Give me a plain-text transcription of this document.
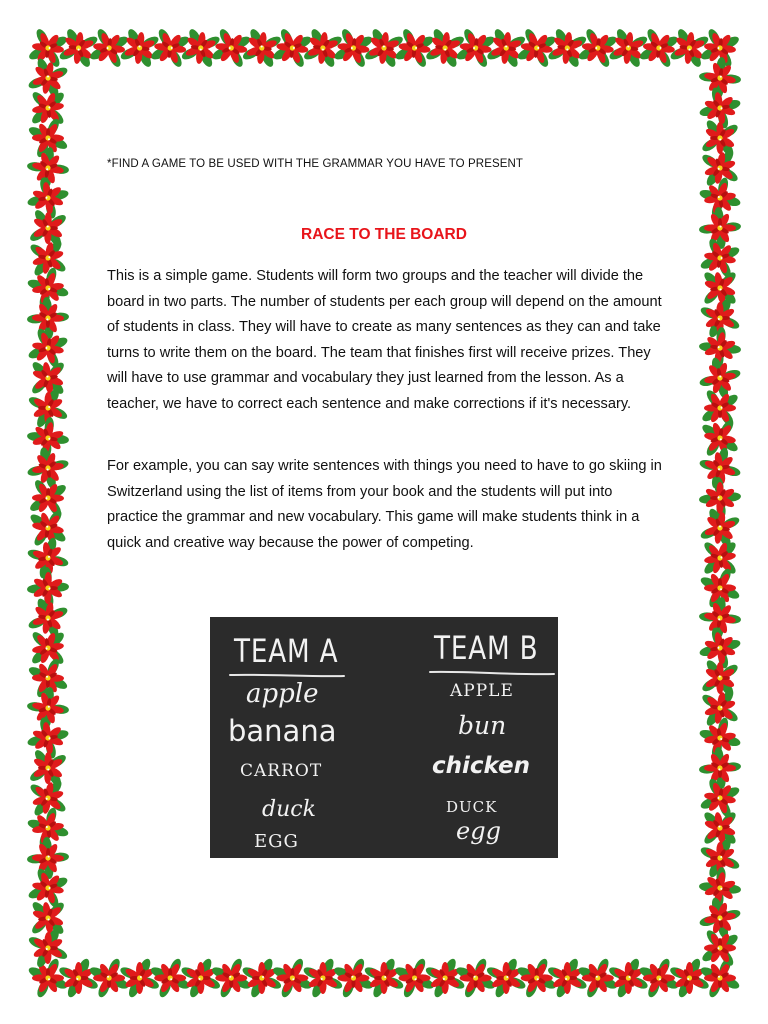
*FIND A GAME TO BE USED WITH THE GRAMMAR YOU HAVE TO PRESENT
RACE TO THE BOARD

This is a simple game. Students will form two groups and the teacher will divide the board in two parts. The number of students per each group will depend on the amount of students in class. They will have to create as many sentences as they can and take turns to write them on the board. The team that finishes first will receive prizes. They will have to use grammar and vocabulary they just learned from the lesson. As a teacher, we have to correct each sentence and make corrections if it's necessary.

For example, you can say write sentences with things you need to have to go skiing in Switzerland using the list of items from your book and the students will put into practice the grammar and new vocabulary. This game will make students think in a quick and creative way because the power of competing.

TEAM A	TEAM B
apple
banana
CARROT
duck
EGG
APPLE
bun
chicken
DUCK
egg
